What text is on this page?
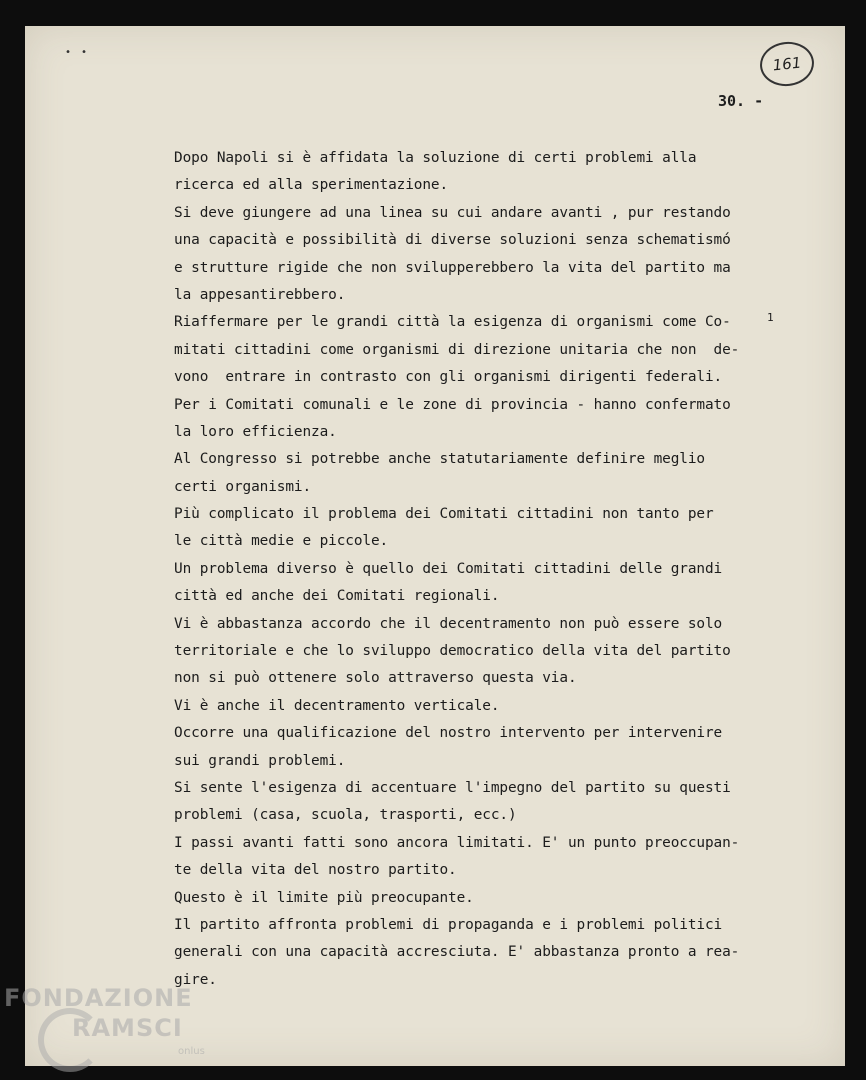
• •
161
30. -
1
Dopo Napoli si è affidata la soluzione di certi problemi alla
ricerca ed alla sperimentazione.
Si deve giungere ad una linea su cui andare avanti , pur restando
una capacità e possibilità di diverse soluzioni senza schematismó
e strutture rigide che non svilupperebbero la vita del partito ma
la appesantirebbero.
Riaffermare per le grandi città la esigenza di organismi come Co-
mitati cittadini come organismi di direzione unitaria che non  de-
vono  entrare in contrasto con gli organismi dirigenti federali.
Per i Comitati comunali e le zone di provincia - hanno confermato
la loro efficienza.
Al Congresso si potrebbe anche statutariamente definire meglio
certi organismi.
Più complicato il problema dei Comitati cittadini non tanto per
le città medie e piccole.
Un problema diverso è quello dei Comitati cittadini delle grandi
città ed anche dei Comitati regionali.
Vi è abbastanza accordo che il decentramento non può essere solo
territoriale e che lo sviluppo democratico della vita del partito
non si può ottenere solo attraverso questa via.
Vi è anche il decentramento verticale.
Occorre una qualificazione del nostro intervento per intervenire
sui grandi problemi.
Si sente l'esigenza di accentuare l'impegno del partito su questi
problemi (casa, scuola, trasporti, ecc.)
I passi avanti fatti sono ancora limitati. E' un punto preoccupan-
te della vita del nostro partito.
Questo è il limite più preocupante.
Il partito affronta problemi di propaganda e i problemi politici
generali con una capacità accresciuta. E' abbastanza pronto a rea-
gire.
FONDAZIONE
RAMSCI
onlus
